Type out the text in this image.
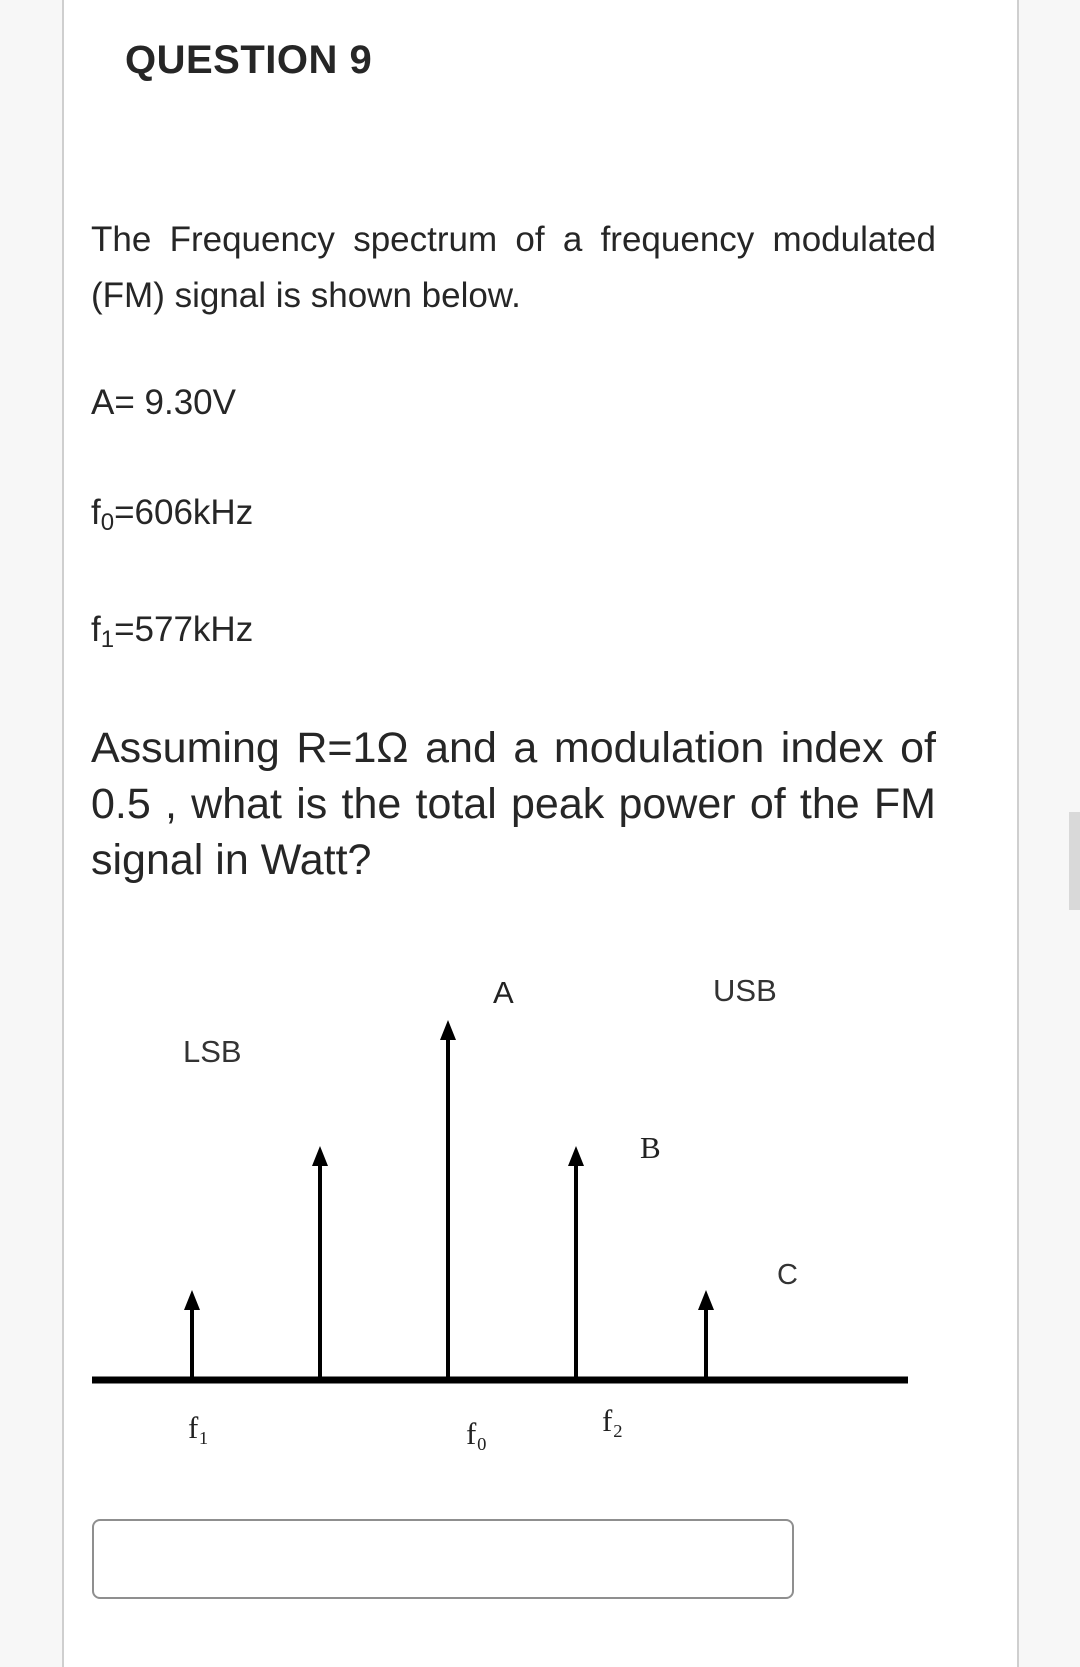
QUESTION 9
The Frequency spectrum of a frequency modulated (FM) signal is shown below.
A= 9.30V
$f_0=606kHz$
$f_1=577kHz$
Assuming R=1Ω and a modulation index of 0.5 , what is the total peak power of the FM signal in Watt?
LSB
USB
A
B
C
f₁	f₀	f₂
